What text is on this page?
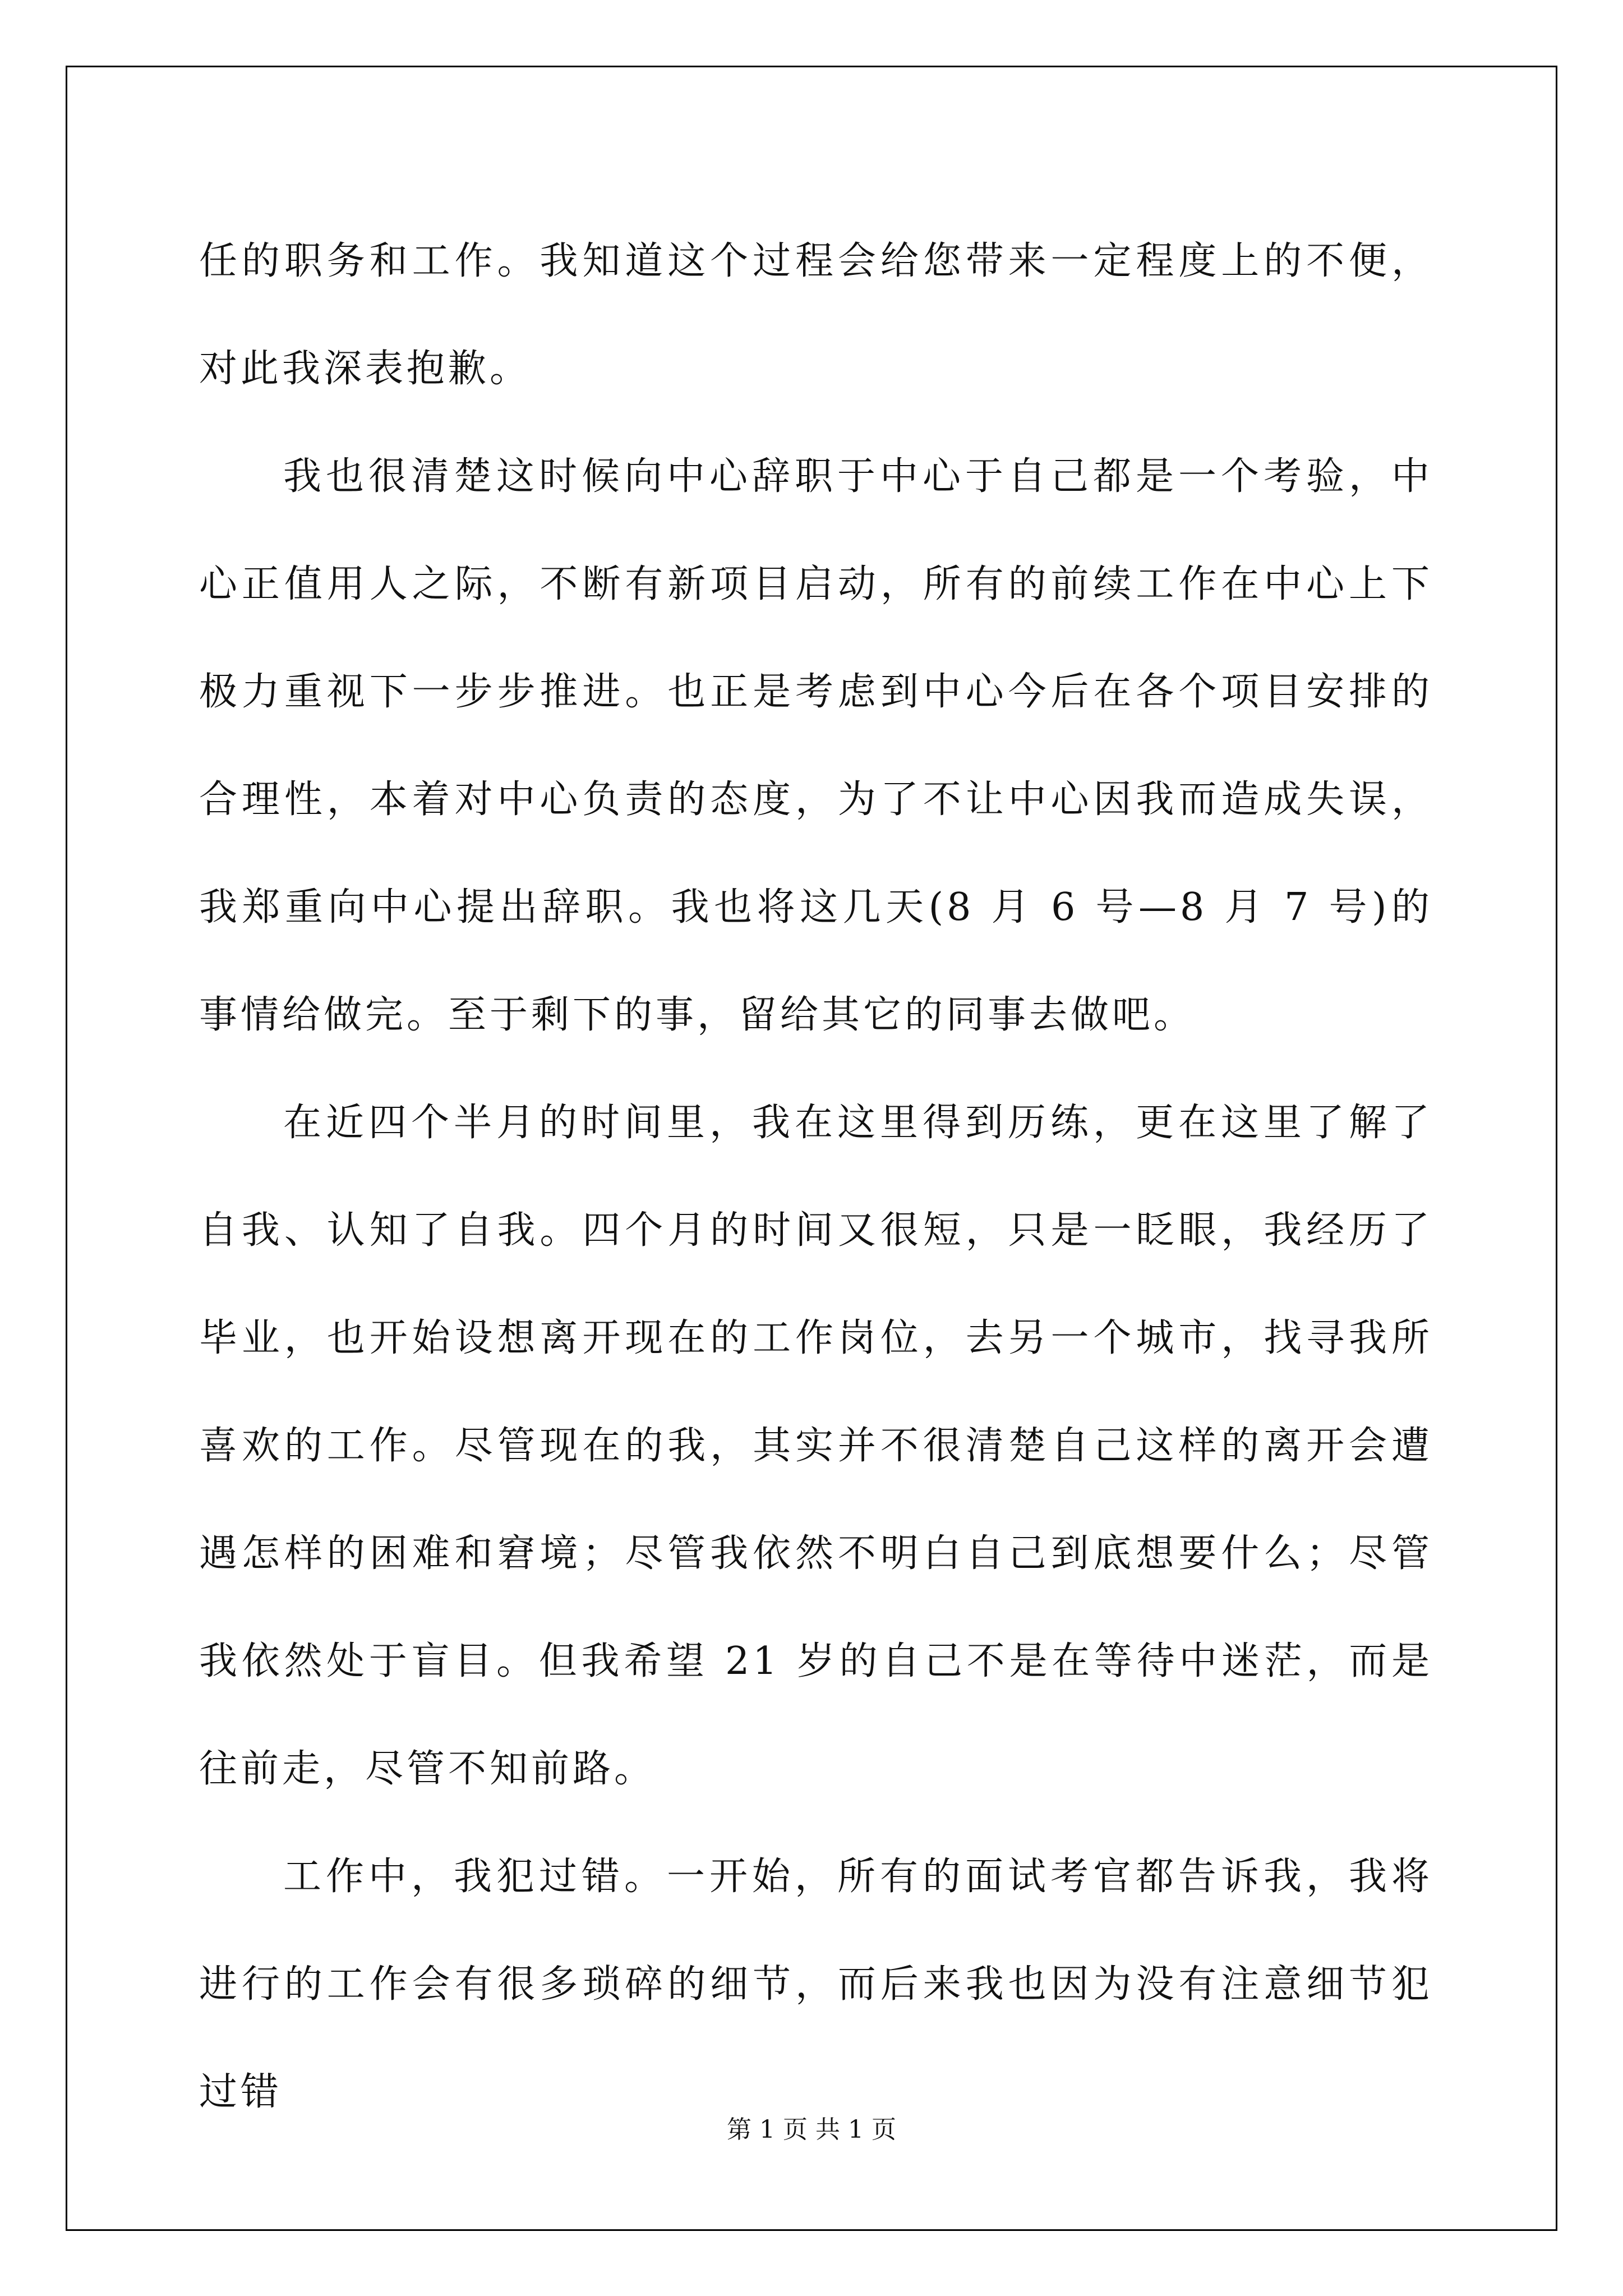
任的职务和工作。我知道这个过程会给您带来一定程度上的不便，对此我深表抱歉。

我也很清楚这时候向中心辞职于中心于自己都是一个考验，中心正值用人之际，不断有新项目启动，所有的前续工作在中心上下极力重视下一步步推进。也正是考虑到中心今后在各个项目安排的合理性，本着对中心负责的态度，为了不让中心因我而造成失误，我郑重向中心提出辞职。我也将这几天(8 月 6 号—8 月 7 号)的事情给做完。至于剩下的事，留给其它的同事去做吧。

在近四个半月的时间里，我在这里得到历练，更在这里了解了自我、认知了自我。四个月的时间又很短，只是一眨眼，我经历了毕业，也开始设想离开现在的工作岗位，去另一个城市，找寻我所喜欢的工作。尽管现在的我，其实并不很清楚自己这样的离开会遭遇怎样的困难和窘境；尽管我依然不明白自己到底想要什么；尽管我依然处于盲目。但我希望 21 岁的自己不是在等待中迷茫，而是往前走，尽管不知前路。

工作中，我犯过错。一开始，所有的面试考官都告诉我，我将进行的工作会有很多琐碎的细节，而后来我也因为没有注意细节犯过错

第 1 页 共 1 页
